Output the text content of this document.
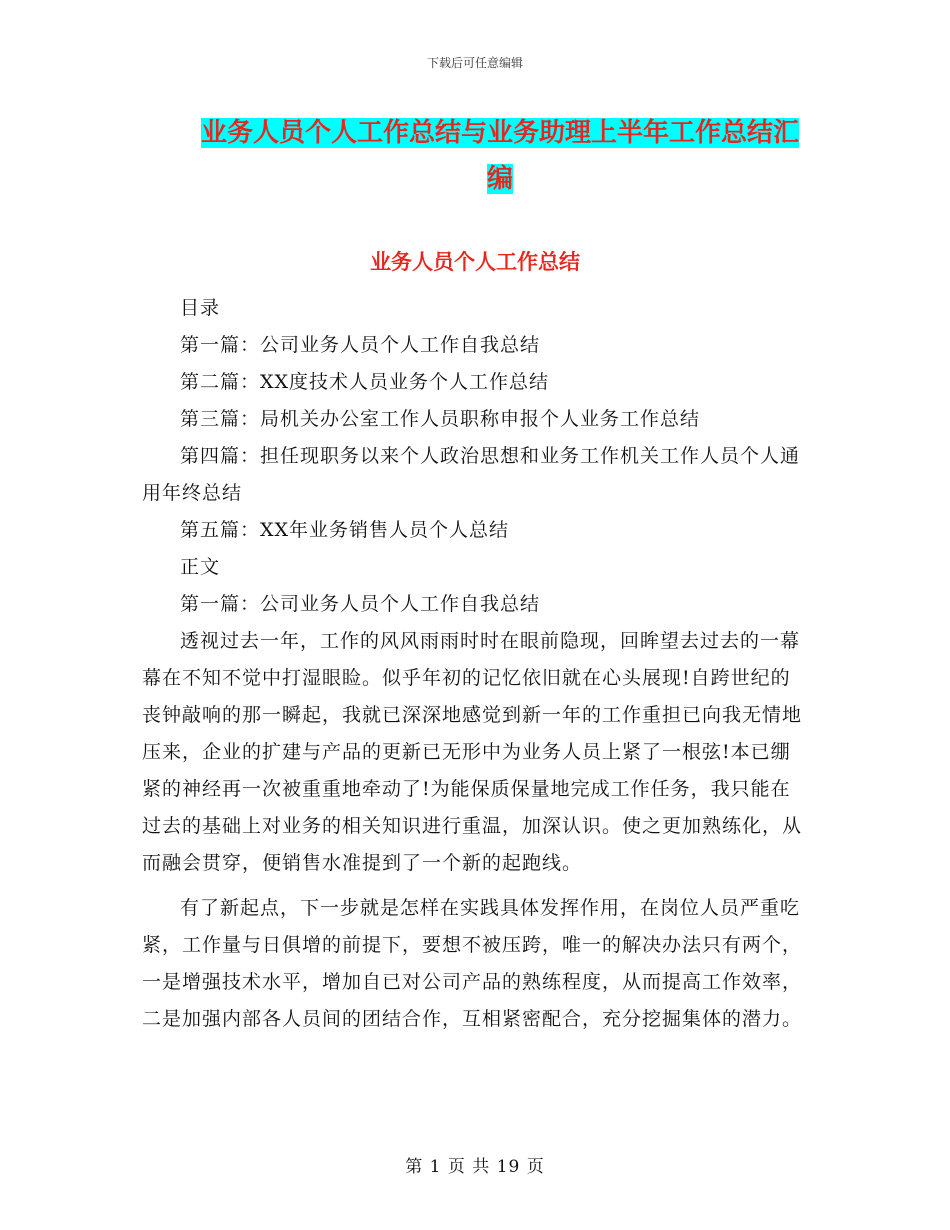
下载后可任意编辑
业务人员个人工作总结与业务助理上半年工作总结汇编
业务人员个人工作总结

目录

第一篇：公司业务人员个人工作自我总结

第二篇：XX度技术人员业务个人工作总结

第三篇：局机关办公室工作人员职称申报个人业务工作总结

第四篇：担任现职务以来个人政治思想和业务工作机关工作人员个人通用年终总结

第五篇：XX年业务销售人员个人总结

正文

第一篇：公司业务人员个人工作自我总结

透视过去一年，工作的风风雨雨时时在眼前隐现，回眸望去过去的一幕幕在不知不觉中打湿眼睑。似乎年初的记忆依旧就在心头展现!自跨世纪的丧钟敲响的那一瞬起，我就已深深地感觉到新一年的工作重担已向我无情地压来，企业的扩建与产品的更新已无形中为业务人员上紧了一根弦!本已绷紧的神经再一次被重重地牵动了!为能保质保量地完成工作任务，我只能在过去的基础上对业务的相关知识进行重温，加深认识。使之更加熟练化，从而融会贯穿，便销售水准提到了一个新的起跑线。

有了新起点，下一步就是怎样在实践具体发挥作用，在岗位人员严重吃紧，工作量与日俱增的前提下，要想不被压跨，唯一的解决办法只有两个，一是增强技术水平，增加自已对公司产品的熟练程度，从而提高工作效率，二是加强内部各人员间的团结合作，互相紧密配合，充分挖掘集体的潜力。

第 1 页 共 19 页
